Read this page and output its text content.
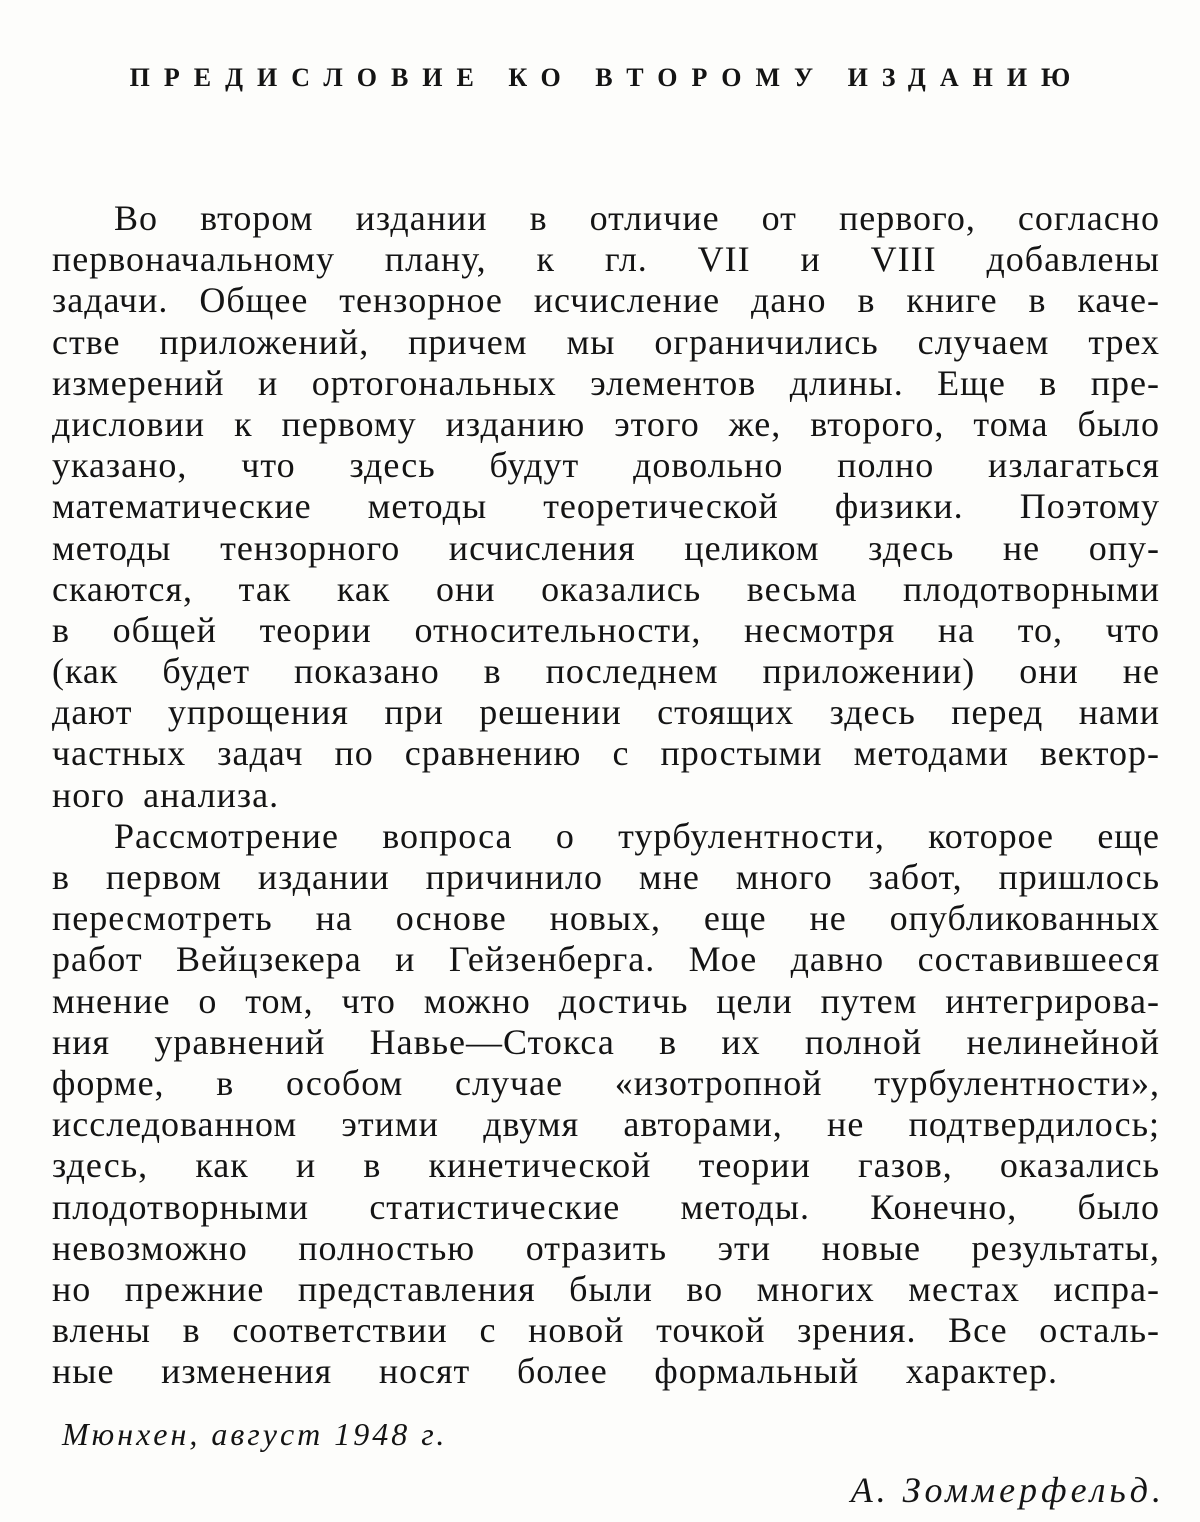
ПРЕДИСЛОВИЕ КО ВТОРОМУ ИЗДАНИЮ
Во втором издании в отличие от первого, согласно
первоначальному плану, к гл. VII и VIII добавлены
задачи. Общее тензорное исчисление дано в книге в каче-
стве приложений, причем мы ограничились случаем трех
измерений и ортогональных элементов длины. Еще в пре-
дисловии к первому изданию этого же, второго, тома было
указано, что здесь будут довольно полно излагаться
математические методы теоретической физики. Поэтому
методы тензорного исчисления целиком здесь не опу-
скаются, так как они оказались весьма плодотворными
в общей теории относительности, несмотря на то, что
(как будет показано в последнем приложении) они не
дают упрощения при решении стоящих здесь перед нами
частных задач по сравнению с простыми методами вектор-
ного анализа.
Рассмотрение вопроса о турбулентности, которое еще
в первом издании причинило мне много забот, пришлось
пересмотреть на основе новых, еще не опубликованных
работ Вейцзекера и Гейзенберга. Мое давно составившееся
мнение о том, что можно достичь цели путем интегрирова-
ния уравнений Навье—Стокса в их полной нелинейной
форме, в особом случае «изотропной турбулентности»,
исследованном этими двумя авторами, не подтвердилось;
здесь, как и в кинетической теории газов, оказались
плодотворными статистические методы. Конечно, было
невозможно полностью отразить эти новые результаты,
но прежние представления были во многих местах испра-
влены в соответствии с новой точкой зрения. Все осталь-
ные изменения носят более формальный характер.
Мюнхен, август 1948 г.
А. Зоммерфельд.
